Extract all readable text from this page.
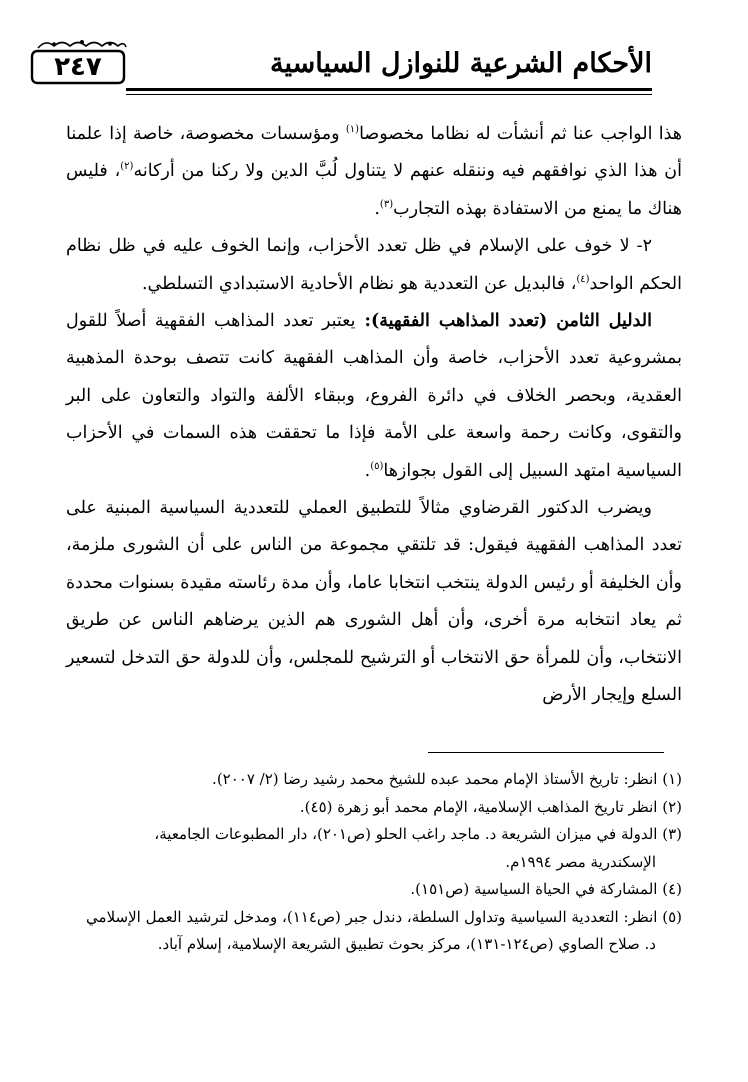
٢٤٧	الأحكام الشرعية للنوازل السياسية

هذا الواجب عنا ثم أنشأت له نظاما مخصوصا$^{(١)}$ ومؤسسات مخصوصة، خاصة إذا علمنا أن هذا الذي نوافقهم فيه وننقله عنهم لا يتناول لُبَّ الدين ولا ركنا من أركانه$^{(٢)}$، فليس هناك ما يمنع من الاستفادة بهذه التجارب$^{(٣)}$.

٢- لا خوف على الإسلام في ظل تعدد الأحزاب، وإنما الخوف عليه في ظل نظام الحكم الواحد$^{(٤)}$، فالبديل عن التعددية هو نظام الأحادية الاستبدادي التسلطي.

الدليل الثامن (تعدد المذاهب الفقهية): يعتبر تعدد المذاهب الفقهية أصلاً للقول بمشروعية تعدد الأحزاب، خاصة وأن المذاهب الفقهية كانت تتصف بوحدة المذهبية العقدية، وبحصر الخلاف في دائرة الفروع، وببقاء الألفة والتواد والتعاون على البر والتقوى، وكانت رحمة واسعة على الأمة فإذا ما تحققت هذه السمات في الأحزاب السياسية امتهد السبيل إلى القول بجوازها$^{(٥)}$.

ويضرب الدكتور القرضاوي مثالاً للتطبيق العملي للتعددية السياسية المبنية على تعدد المذاهب الفقهية فيقول: قد تلتقي مجموعة من الناس على أن الشورى ملزمة، وأن الخليفة أو رئيس الدولة ينتخب انتخابا عاما، وأن مدة رئاسته مقيدة بسنوات محددة ثم يعاد انتخابه مرة أخرى، وأن أهل الشورى هم الذين يرضاهم الناس عن طريق الانتخاب، وأن للمرأة حق الانتخاب أو الترشيح للمجلس، وأن للدولة حق التدخل لتسعير السلع وإيجار الأرض

(١) انظر: تاريخ الأستاذ الإمام محمد عبده للشيخ محمد رشيد رضا (٢/ ٢٠٠٧).

(٢) انظر تاريخ المذاهب الإسلامية، الإمام محمد أبو زهرة (٤٥).

(٣) الدولة في ميزان الشريعة د. ماجد راغب الحلو (ص٢٠١)، دار المطبوعات الجامعية،

الإسكندرية مصر ١٩٩٤م.

(٤) المشاركة في الحياة السياسية (ص١٥١).

(٥) انظر: التعددية السياسية وتداول السلطة، دندل جبر (ص١١٤)، ومدخل لترشيد العمل الإسلامي

د. صلاح الصاوي (ص١٢٤-١٣١)، مركز بحوث تطبيق الشريعة الإسلامية، إسلام آباد.
